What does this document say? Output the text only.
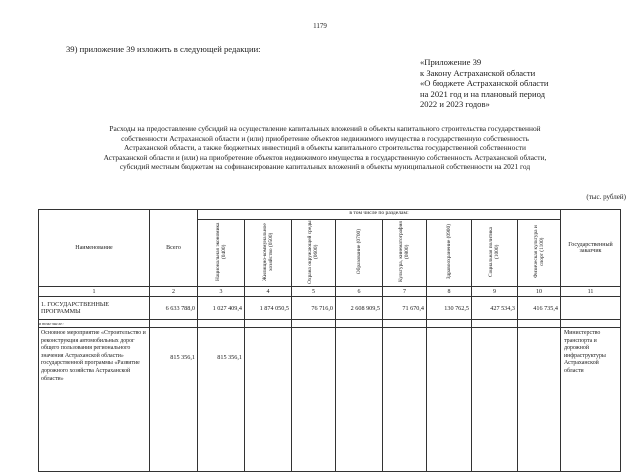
1179
39) приложение 39 изложить в следующей редакции:
«Приложение 39
к Закону Астраханской области
«О бюджете Астраханской области
на 2021 год и на плановый период
2022 и 2023 годов»
Расходы на предоставление субсидий на осуществление капитальных вложений в объекты капитального строительства государственной
собственности Астраханской области и (или) приобретение объектов недвижимого имущества в государственную собственность
Астраханской области, а также бюджетных инвестиций в объекты капитального строительства государственной собственности
Астраханской области и (или) на приобретение объектов недвижимого имущества в государственную собственность Астраханской области,
субсидий местным бюджетам на софинансирование капитальных вложений в объекты муниципальной собственности на 2021 год
(тыс. рублей)
Наименование	Всего	в том числе по разделам:								Государственный заказчик
		Национальная экономика (0400)	Жилищно-коммунальное хозяйство (0500)	Охрана окружающей среды (0600)	Образование (0700)	Культура, кинематография (0800)	Здравоохранение (0900)	Социальная политика (1000)	Физическая культура и спорт (1100)	
1	2	3	4	5	6	7	8	9	10	11
1. ГОСУДАРСТВЕННЫЕ ПРОГРАММЫ	6 633 788,0	1 027 409,4	1 874 050,5	76 716,0	2 608 909,5	71 670,4	130 762,5	427 534,3	416 735,4	
в том числе:										
Основное мероприятие «Строительство и реконструкция автомобильных дорог общего пользования регионального значения Астраханской области» государственной программы «Развитие дорожного хозяйства Астраханской области»	815 356,1	815 356,1								Министерство транспорта и дорожной инфраструктуры Астраханской области
